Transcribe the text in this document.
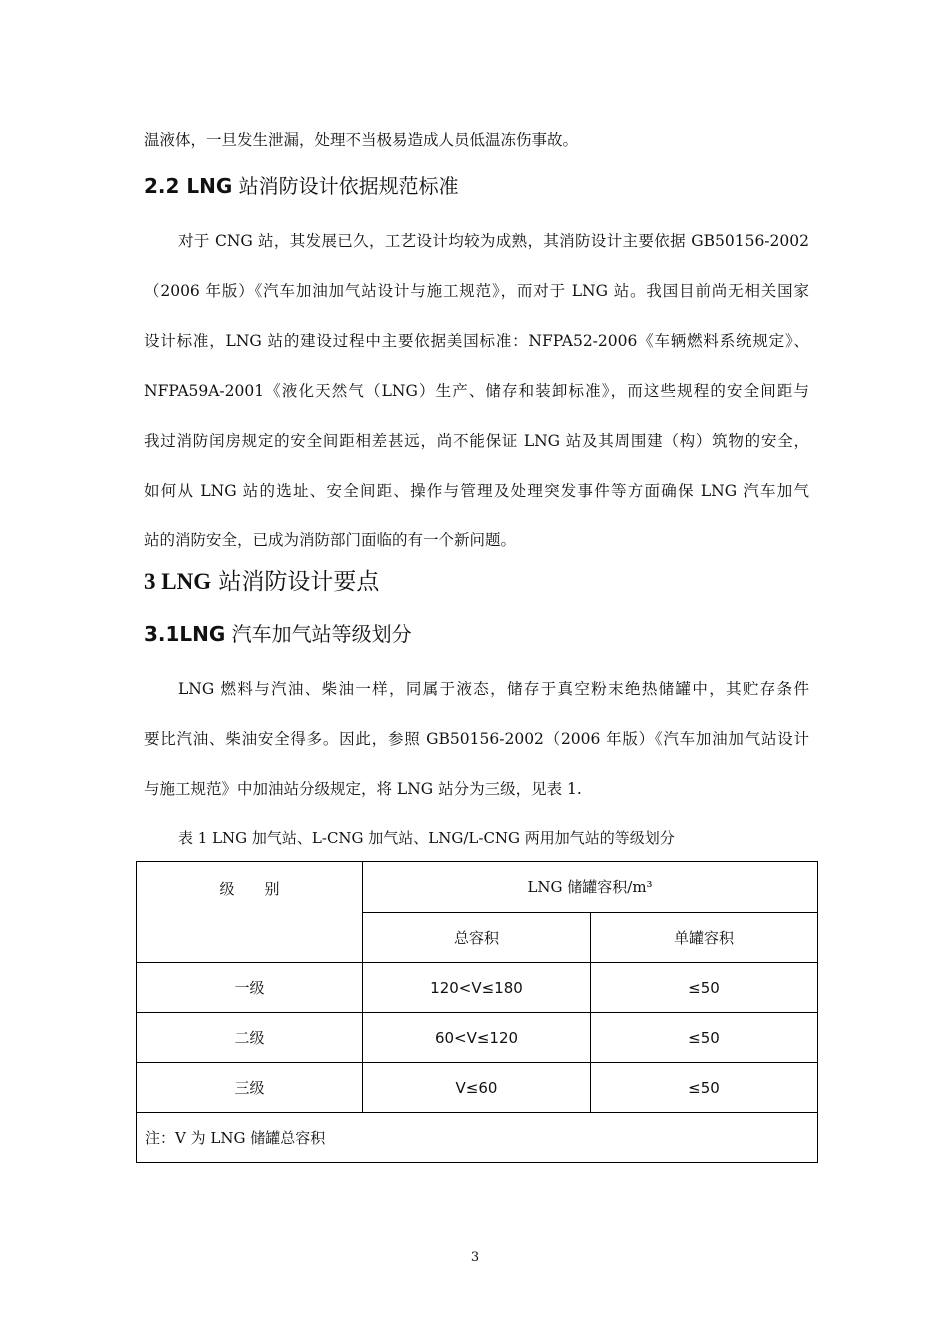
温液体，一旦发生泄漏，处理不当极易造成人员低温冻伤事故。
2.2 LNG 站消防设计依据规范标准
对于 CNG 站，其发展已久，工艺设计均较为成熟，其消防设计主要依据 GB50156-2002
（2006 年版）《汽车加油加气站设计与施工规范》，而对于 LNG 站。我国目前尚无相关国家
设计标准，LNG 站的建设过程中主要依据美国标准：NFPA52-2006《车辆燃料系统规定》、
NFPA59A-2001《液化天然气（LNG）生产、储存和装卸标准》，而这些规程的安全间距与
我过消防闰房规定的安全间距相差甚远，尚不能保证 LNG 站及其周围建（构）筑物的安全，
如何从 LNG 站的选址、安全间距、操作与管理及处理突发事件等方面确保 LNG 汽车加气
站的消防安全，已成为消防部门面临的有一个新问题。
3 LNG 站消防设计要点
3.1LNG 汽车加气站等级划分
LNG 燃料与汽油、柴油一样，同属于液态，储存于真空粉末绝热储罐中，其贮存条件
要比汽油、柴油安全得多。因此，参照 GB50156-2002（2006 年版）《汽车加油加气站设计
与施工规范》中加油站分级规定，将 LNG 站分为三级，见表 1.
表 1 LNG 加气站、L-CNG 加气站、LNG/L-CNG 两用加气站的等级划分
级　　别	LNG 储罐容积/m³	
	总容积	单罐容积
一级	120<V≤180	≤50
二级	60<V≤120	≤50
三级	V≤60	≤50
注：V 为 LNG 储罐总容积		
3
